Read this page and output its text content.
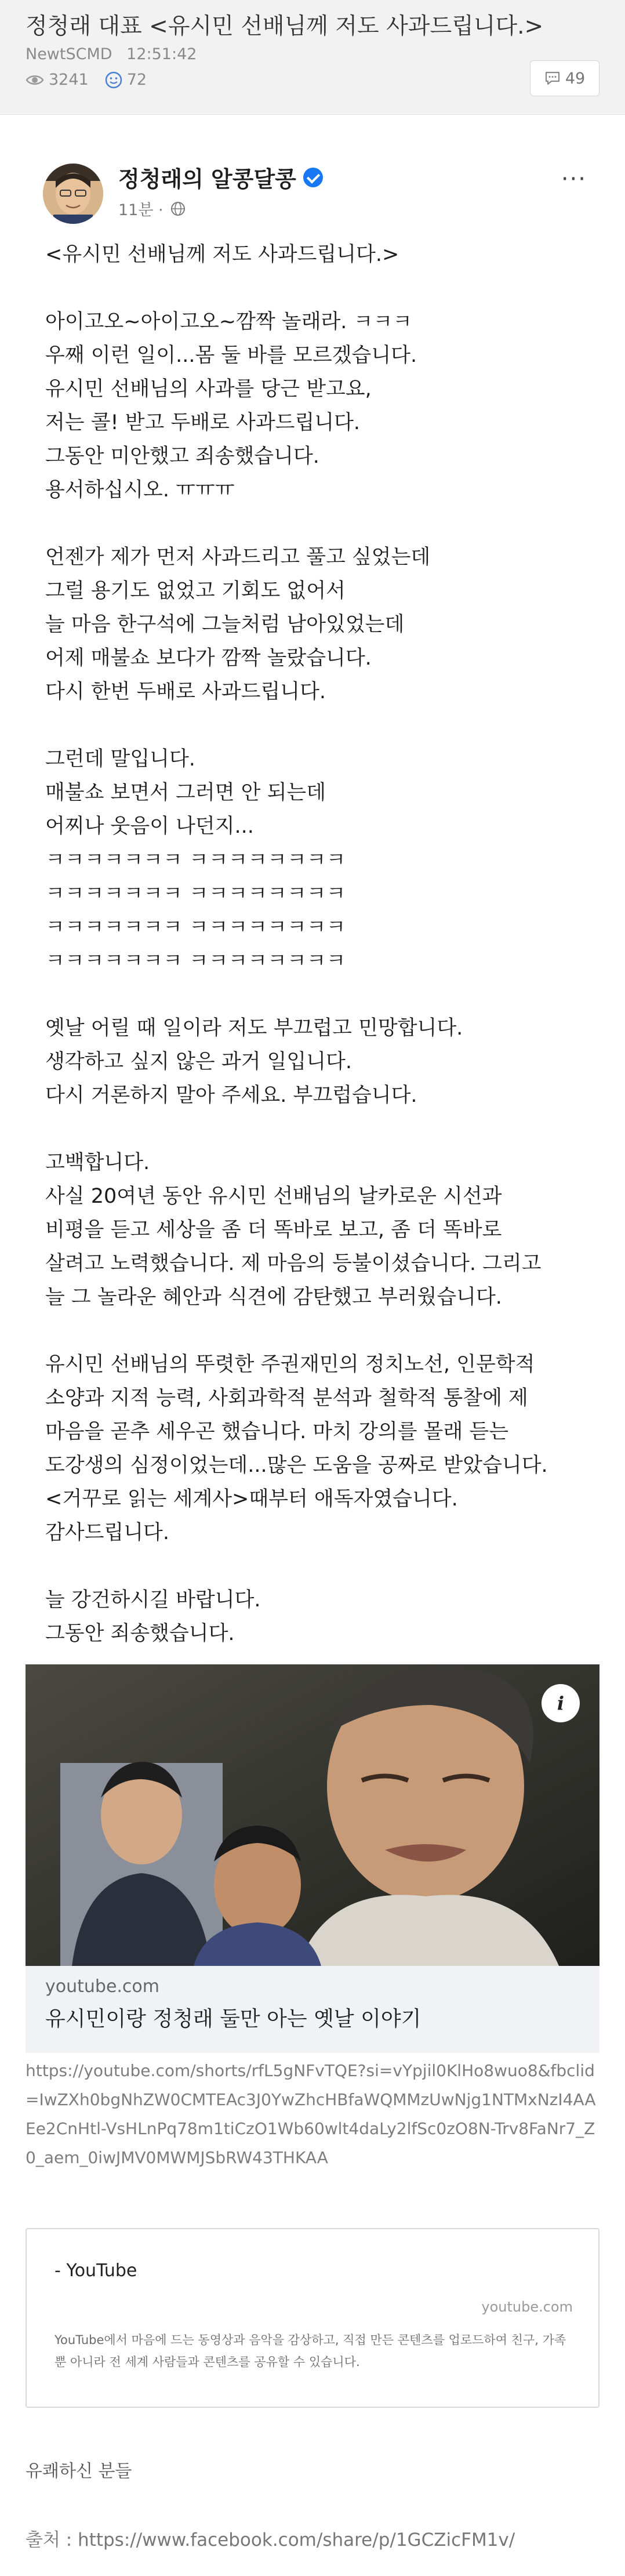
정청래 대표 <유시민 선배님께 저도 사과드립니다.>
NewtSCMD 12:51:42
3241 72	49
정청래의 알콩달콩
11분 ·
···
<유시민 선배님께 저도 사과드립니다.>

아이고오~아이고오~깜짝 놀래라. ㅋㅋㅋ
우째 이런 일이...몸 둘 바를 모르겠습니다.
유시민 선배님의 사과를 당근 받고요,
저는 콜! 받고 두배로 사과드립니다.
그동안 미안했고 죄송했습니다.
용서하십시오. ㅠㅠㅠ

언젠가 제가 먼저 사과드리고 풀고 싶었는데
그럴 용기도 없었고 기회도 없어서
늘 마음 한구석에 그늘처럼 남아있었는데
어제 매불쇼 보다가 깜짝 놀랐습니다.
다시 한번 두배로 사과드립니다.

그런데 말입니다.
매불쇼 보면서 그러면 안 되는데
어찌나 웃음이 나던지...
ㅋㅋㅋㅋㅋㅋㅋ ㅋㅋㅋㅋㅋㅋㅋㅋ
ㅋㅋㅋㅋㅋㅋㅋ ㅋㅋㅋㅋㅋㅋㅋㅋ
ㅋㅋㅋㅋㅋㅋㅋ ㅋㅋㅋㅋㅋㅋㅋㅋ
ㅋㅋㅋㅋㅋㅋㅋ ㅋㅋㅋㅋㅋㅋㅋㅋ

옛날 어릴 때 일이라 저도 부끄럽고 민망합니다.
생각하고 싶지 않은 과거 일입니다.
다시 거론하지 말아 주세요. 부끄럽습니다.

고백합니다.
사실 20여년 동안 유시민 선배님의 날카로운 시선과
비평을 듣고 세상을 좀 더 똑바로 보고, 좀 더 똑바로
살려고 노력했습니다. 제 마음의 등불이셨습니다. 그리고
늘 그 놀라운 혜안과 식견에 감탄했고 부러웠습니다.

유시민 선배님의 뚜렷한 주권재민의 정치노선, 인문학적
소양과 지적 능력, 사회과학적 분석과 철학적 통찰에 제
마음을 곧추 세우곤 했습니다. 마치 강의를 몰래 듣는
도강생의 심정이었는데...많은 도움을 공짜로 받았습니다.
<거꾸로 읽는 세계사>때부터 애독자였습니다.
감사드립니다.

늘 강건하시길 바랍니다.
그동안 죄송했습니다.
i
youtube.com
유시민이랑 정청래 둘만 아는 옛날 이야기
https://youtube.com/shorts/rfL5gNFvTQE?si=vYpjil0KlHo8wuo8&fbclid=IwZXh0bgNhZW0CMTEAc3J0YwZhcHBfaWQMMzUwNjg1NTMxNzI4AAEe2CnHtl-VsHLnPq78m1tiCzO1Wb60wlt4daLy2lfSc0zO8N-Trv8FaNr7_Z0_aem_0iwJMV0MWMJSbRW43THKAA
- YouTube
youtube.com
YouTube에서 마음에 드는 동영상과 음악을 감상하고, 직접 만든 콘텐츠를 업로드하여 친구, 가족뿐 아니라 전 세계 사람들과 콘텐츠를 공유할 수 있습니다.
유쾌하신 분들
출처 : https://www.facebook.com/share/p/1GCZicFM1v/
